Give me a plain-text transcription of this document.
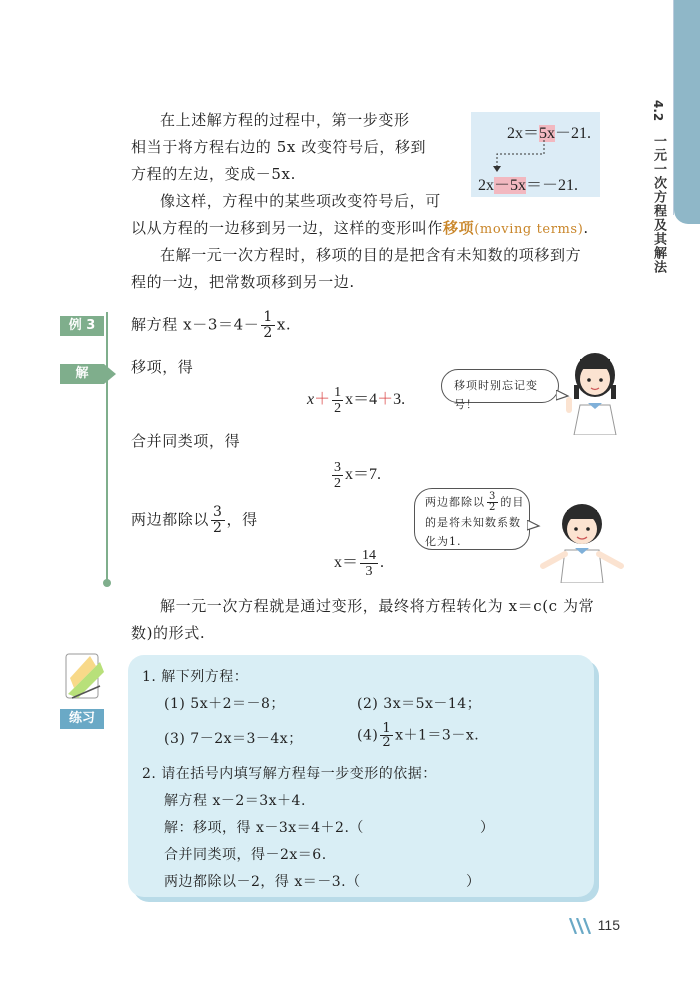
4.2
一元一次方程及其解法
在上述解方程的过程中，第一步变形
相当于将方程右边的 5x 改变符号后，移到
方程的左边，变成－5x.
像这样，方程中的某些项改变符号后，可
以从方程的一边移到另一边，这样的变形叫作移项(moving terms).
在解一元一次方程时，移项的目的是把含有未知数的项移到方
程的一边，把常数项移到另一边.
2x＝5x－21.
2x－5x＝－21.
例 3
解
解方程 $x-3=4- \frac{1}{2} x$.
移项，得
$x+ \frac{1}{2} x=4+3$.
合并同类项，得
$\frac{3}{2} x=7$.
两边都除以 $\frac{3}{2}$ ，得
$x= \frac{14}{3}$ .
移项时别忘记变号！
两边都除以 $\frac{3}{2}$ 的目
的是将未知数系数
化为1.
解一元一次方程就是通过变形，最终将方程转化为 x＝c(c 为常
数)的形式.
练习
1. 解下列方程：
(1) 5x＋2＝－8；	(2) 3x＝5x－14；
(3) 7－2x＝3－4x；	$(4) \frac{1}{2} x+1=3-x$.
2. 请在括号内填写解方程每一步变形的依据：
解方程 x－2＝3x＋4.
解：移项，得 x－3x＝4＋2.（	）
合并同类项，得－2x＝6.
两边都除以－2，得 x＝－3.（	）
115
